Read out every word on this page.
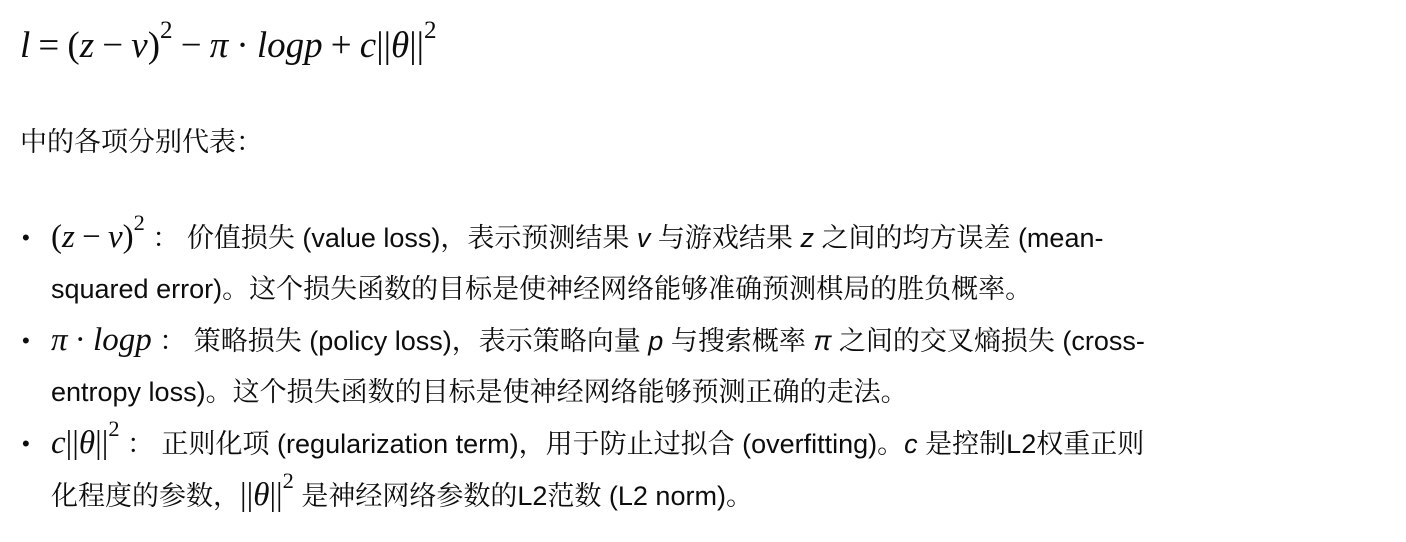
$l = (z - v)^2 - \pi \cdot \log p + c||\theta||^2$
中的各项分别代表：
• $(z - v)^2$ ： 价值损失 (value loss)，表示预测结果 v 与游戏结果 z 之间的均方误差 (mean-
squared error)。这个损失函数的目标是使神经网络能够准确预测棋局的胜负概率。
• π · logp ： 策略损失 (policy loss)，表示策略向量 p 与搜索概率 π 之间的交叉熵损失 (cross-
entropy loss)。这个损失函数的目标是使神经网络能够预测正确的走法。
• $c||\theta||^2$ ： 正则化项 (regularization term)，用于防止过拟合 (overfitting)。c 是控制L2权重正则
化程度的参数，$||\theta||^2$ 是神经网络参数的L2范数 (L2 norm)。
